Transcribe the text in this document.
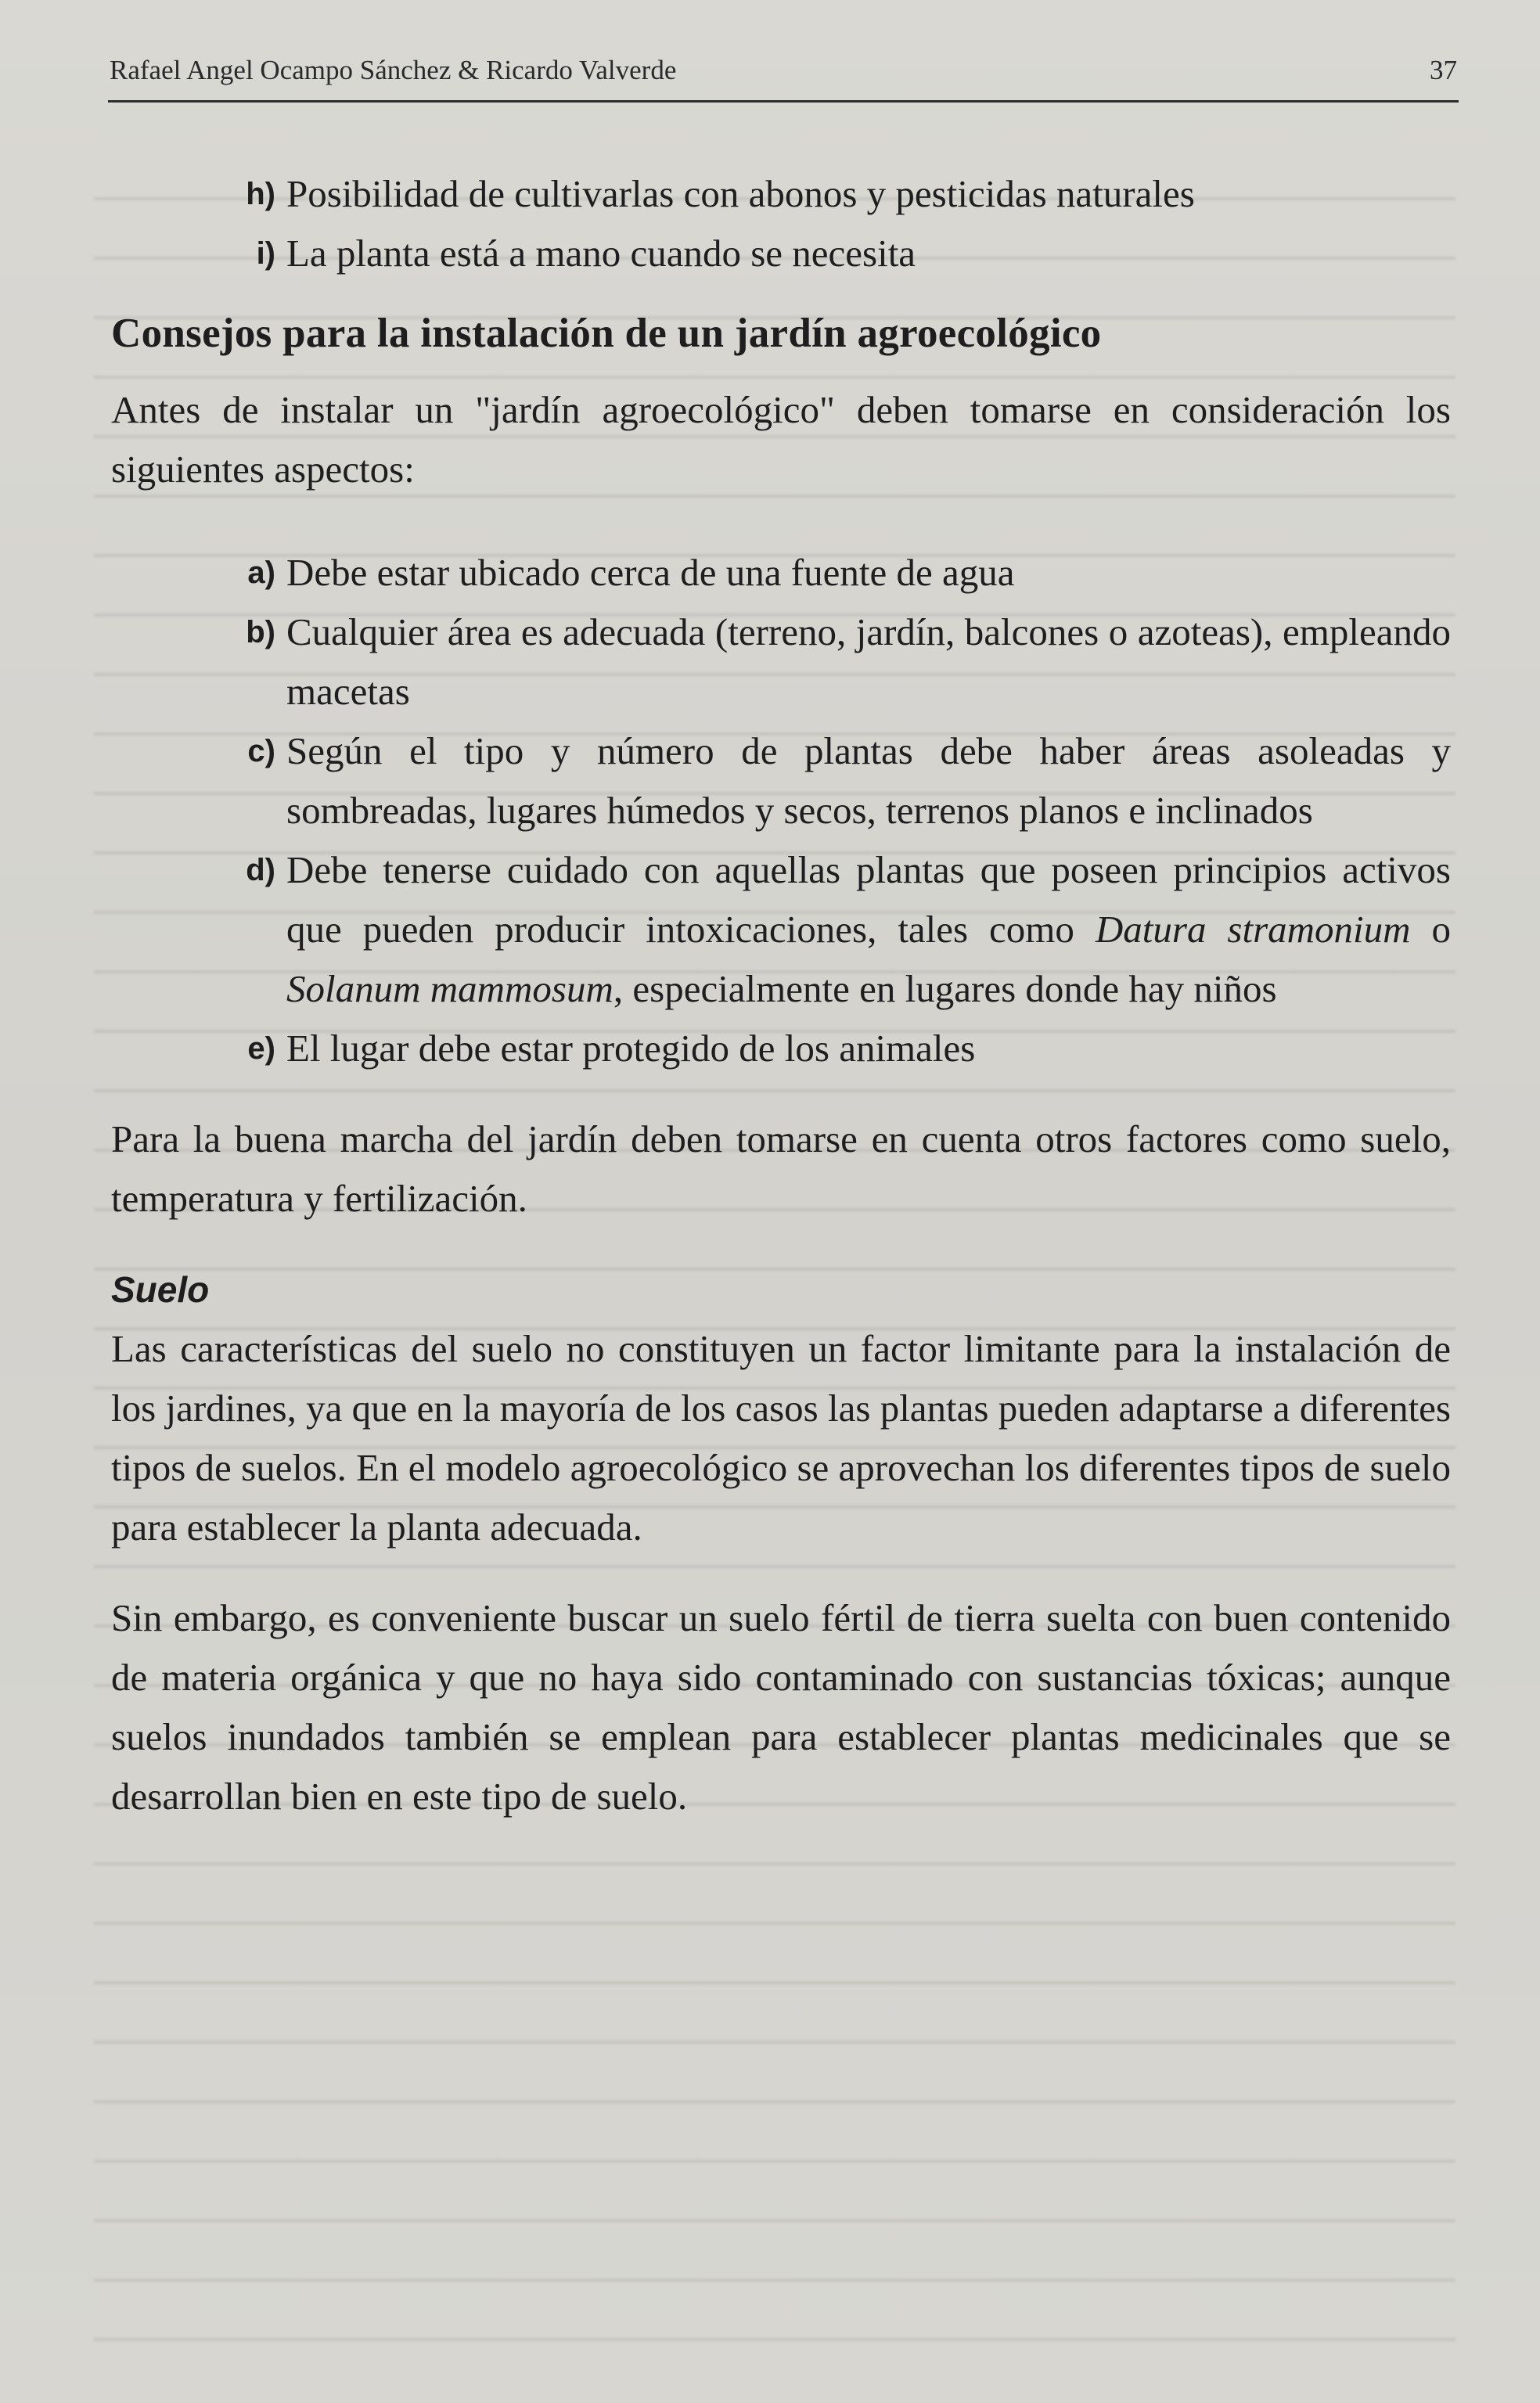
Rafael Angel Ocampo Sánchez & Ricardo Valverde	37
h) Posibilidad de cultivarlas con abonos y pesticidas naturales
i) La planta está a mano cuando se necesita
Consejos para la instalación de un jardín agroecológico

Antes de instalar un "jardín agroecológico" deben tomarse en consideración los siguientes aspectos:

a) Debe estar ubicado cerca de una fuente de agua
b) Cualquier área es adecuada (terreno, jardín, balcones o azoteas), empleando macetas
c) Según el tipo y número de plantas debe haber áreas asoleadas y sombreadas, lugares húmedos y secos, terrenos planos e inclinados
d) Debe tenerse cuidado con aquellas plantas que poseen principios activos que pueden producir intoxicaciones, tales como Datura stramonium o Solanum mammosum, especialmente en lugares donde hay niños
e) El lugar debe estar protegido de los animales

Para la buena marcha del jardín deben tomarse en cuenta otros factores como suelo, temperatura y fertilización.

Suelo

Las características del suelo no constituyen un factor limitante para la instalación de los jardines, ya que en la mayoría de los casos las plantas pueden adaptarse a diferentes tipos de suelos. En el modelo agroecológico se aprovechan los diferentes tipos de suelo para establecer la planta adecuada.

Sin embargo, es conveniente buscar un suelo fértil de tierra suelta con buen contenido de materia orgánica y que no haya sido contaminado con sustancias tóxicas; aunque suelos inundados también se emplean para establecer plantas medicinales que se desarrollan bien en este tipo de suelo.
